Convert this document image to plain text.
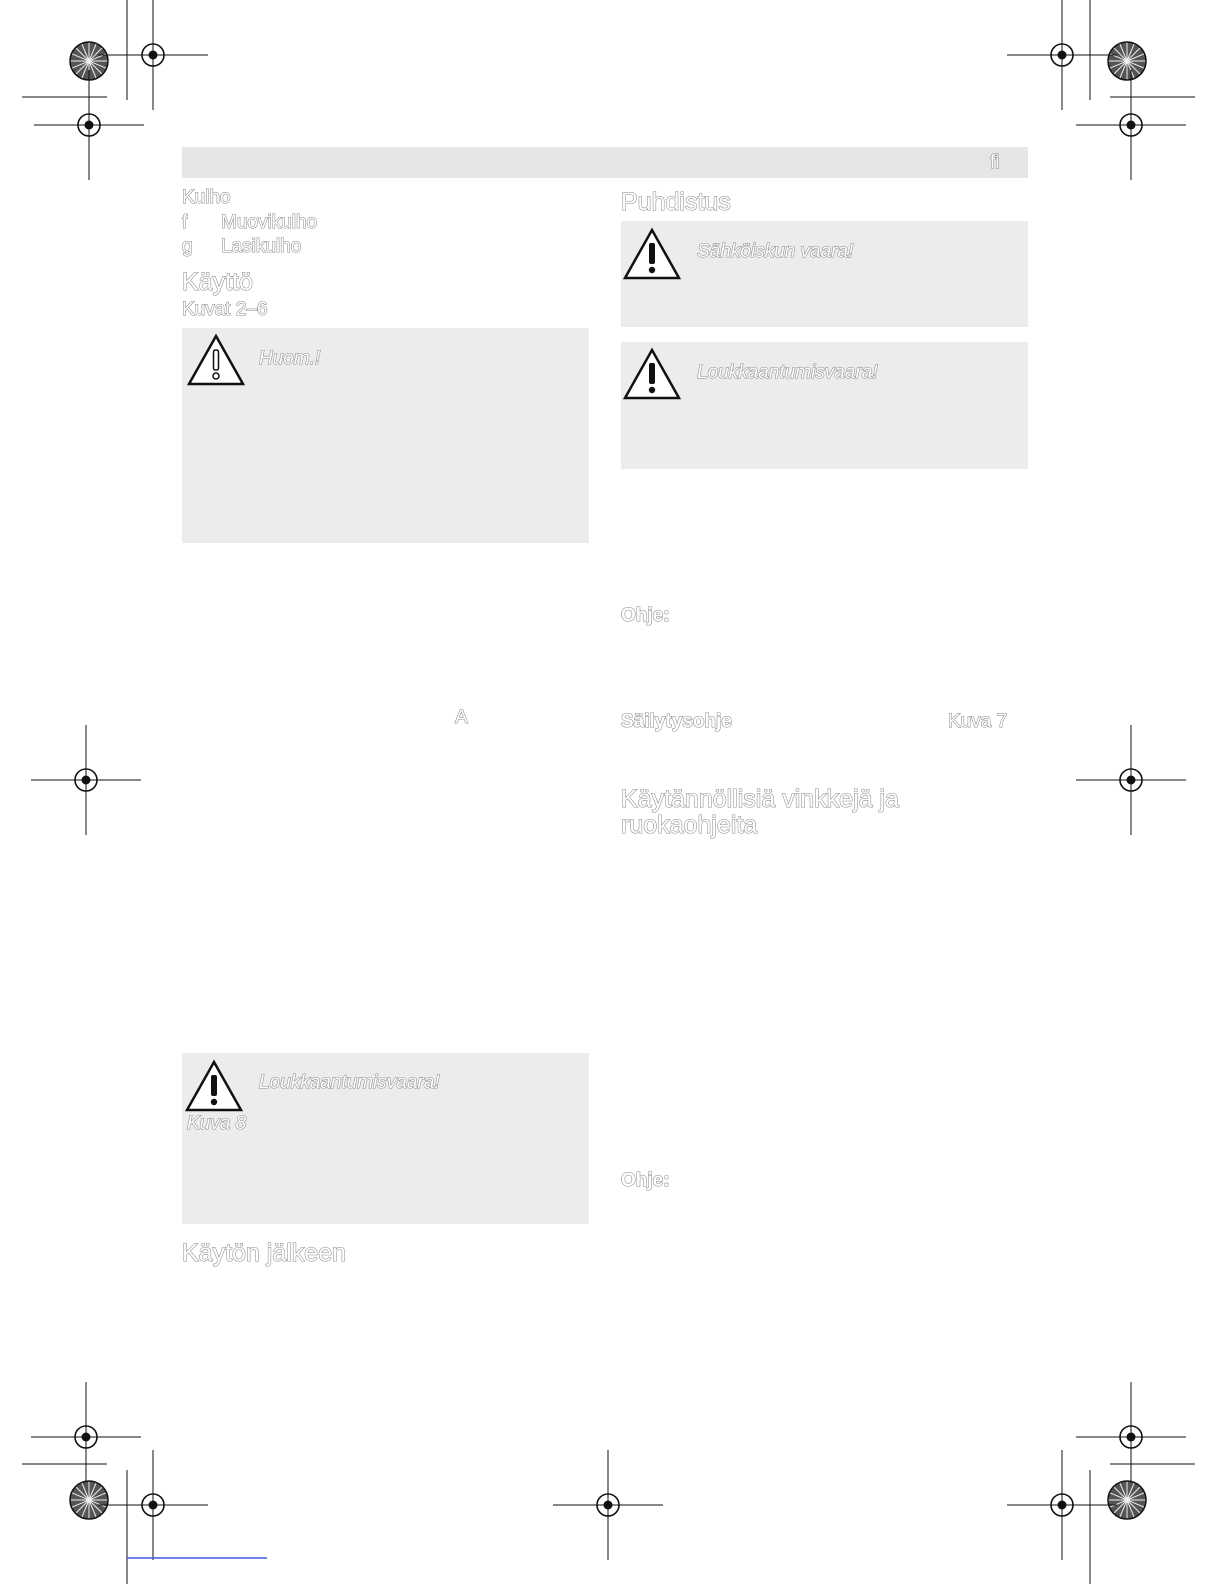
fi
Kulho
f Muovikulho
g Lasikulho
Käyttö
Kuvat 2–6
Huom.!
A
Loukkaantumisvaara!
Kuva 8
Käytön jälkeen
Puhdistus
Sähköiskun vaara!
Loukkaantumisvaara!
Ohje:
Säilytysohje	Kuva 7
Käytännöllisiä vinkkejä ja
ruokaohjeita
Ohje:
